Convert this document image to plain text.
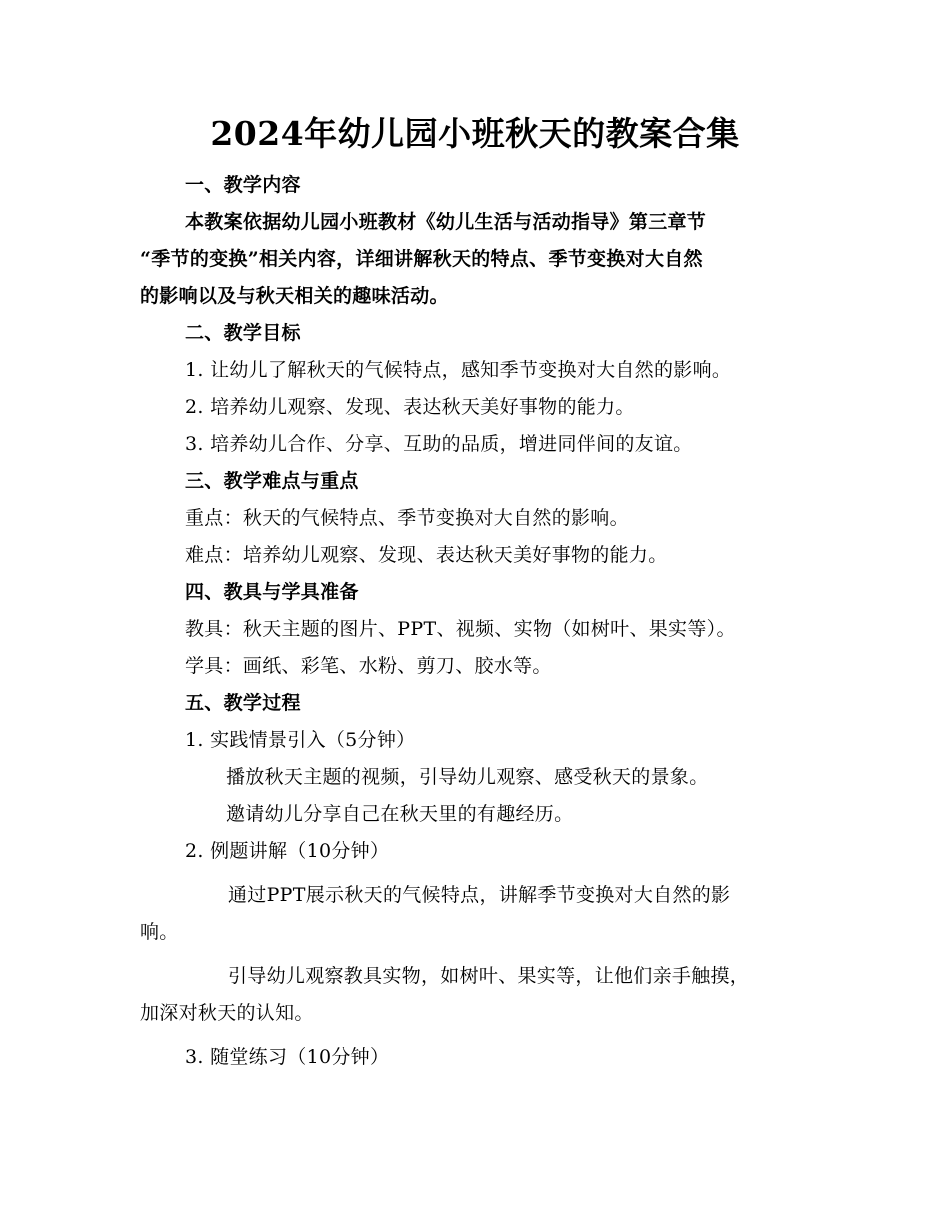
2024年幼儿园小班秋天的教案合集
一、教学内容
本教案依据幼儿园小班教材《幼儿生活与活动指导》第三章节
“季节的变换”相关内容，详细讲解秋天的特点、季节变换对大自然
的影响以及与秋天相关的趣味活动。
二、教学目标
1. 让幼儿了解秋天的气候特点，感知季节变换对大自然的影响。
2. 培养幼儿观察、发现、表达秋天美好事物的能力。
3. 培养幼儿合作、分享、互助的品质，增进同伴间的友谊。
三、教学难点与重点
重点：秋天的气候特点、季节变换对大自然的影响。
难点：培养幼儿观察、发现、表达秋天美好事物的能力。
四、教具与学具准备
教具：秋天主题的图片、PPT、视频、实物（如树叶、果实等）。
学具：画纸、彩笔、水粉、剪刀、胶水等。
五、教学过程
1. 实践情景引入（5分钟）
播放秋天主题的视频，引导幼儿观察、感受秋天的景象。
邀请幼儿分享自己在秋天里的有趣经历。
2. 例题讲解（10分钟）
通过PPT展示秋天的气候特点，讲解季节变换对大自然的影
响。
引导幼儿观察教具实物，如树叶、果实等，让他们亲手触摸，
加深对秋天的认知。
3. 随堂练习（10分钟）
